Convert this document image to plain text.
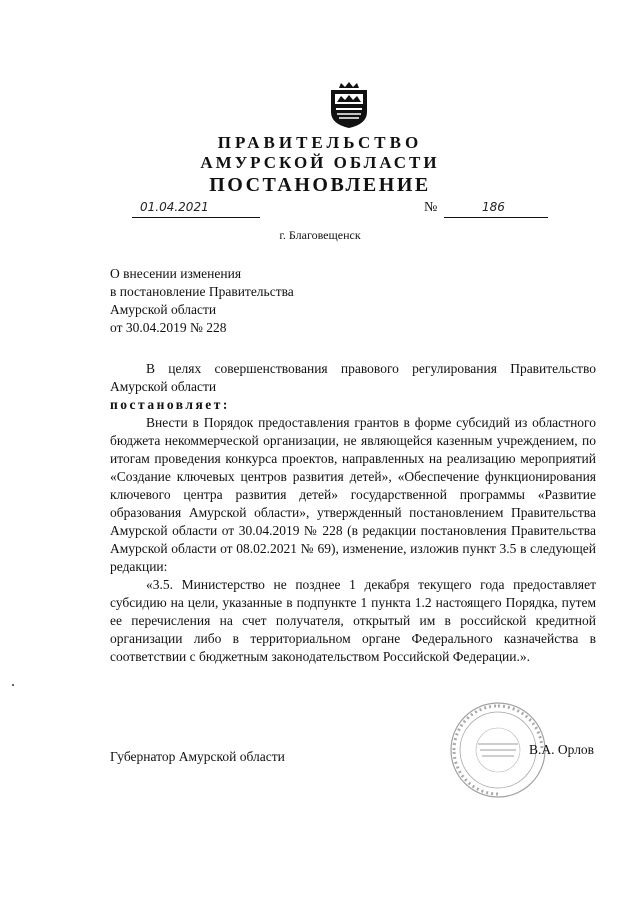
ПРАВИТЕЛЬСТВО
АМУРСКОЙ ОБЛАСТИ
ПОСТАНОВЛЕНИЕ
01.04.2021	№	186
г. Благовещенск
О внесении изменения
в постановление Правительства
Амурской области
от 30.04.2019 № 228

В целях совершенствования правового регулирования Правительство Амурской области

постановляет:

Внести в Порядок предоставления грантов в форме субсидий из областного бюджета некоммерческой организации, не являющейся казенным учреждением, по итогам проведения конкурса проектов, направленных на реализацию мероприятий «Создание ключевых центров развития детей», «Обеспечение функционирования ключевого центра развития детей» государственной программы «Развитие образования Амурской области», утвержденный постановлением Правительства Амурской области от 30.04.2019 № 228 (в редакции постановления Правительства Амурской области от 08.02.2021 № 69), изменение, изложив пункт 3.5 в следующей редакции:

«3.5. Министерство не позднее 1 декабря текущего года предоставляет субсидию на цели, указанные в подпункте 1 пункта 1.2 настоящего Порядка, путем ее перечисления на счет получателя, открытый им в российской кредитной организации либо в территориальном органе Федерального казначейства в соответствии с бюджетным законодательством Российской Федерации.».

Губернатор Амурской области	В.А. Орлов
